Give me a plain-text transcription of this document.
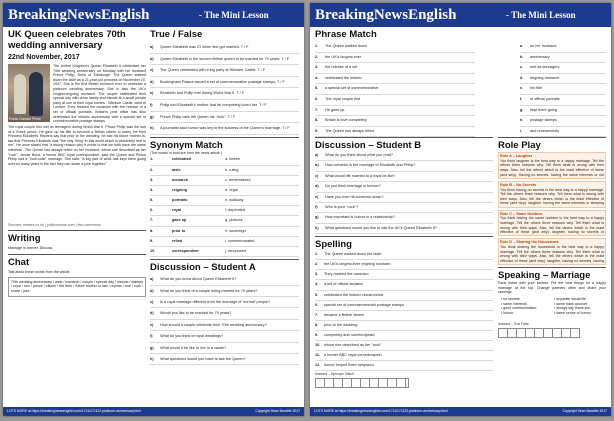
BreakingNewsEnglish	- The Mini Lesson
UK Queen celebrates 70th wedding anniversary
22nd November, 2017
Public Domain Photo
The United Kingdom's Queen Elizabeth II celebrated her 70th wedding anniversary on Monday with her husband Prince Philip, Duke of Edinburgh. The Queen walked down the aisle as a 21-year-old princess on November 20, 1947. She is the first British monarch ever to celebrate a platinum wedding anniversary. She is also the UK's longest-reigning monarch. The couple celebrated their special day with close family and friends at a small private party at one of their royal homes - Windsor Castle, west of London. They marked the occasion with the release of a set of official portraits. Britain's post office has also celebrated the historic anniversary with a special set of commemorative postage stamps.
The royal couple first met as teenagers during World War II. Prince Philip was the son of a Greek prince. He gave up his title to become a British citizen to marry the then Princess Elizabeth. Reports say that prior to the wedding, he told his future mother-in-law that Princess Elizabeth was "the only 'thing' in this world which is absolutely real to me". He once stated that "a strong reason why it works is that we both have the same interests". The Queen has always relied on her husband, whom she described as her "rock". Jennie Bond, a former BBC royal correspondent, said the Queen and Prince Philip had a "rock-solid" marriage. She said: "A big part of what has kept them going over so many years is the fact they can share a joke together."
Sources: reuters.co.uk | politicshome.com | bbc.com/news
Writing
Marriage is forever. Discuss.
Chat
Talk about these words from the article.
70th wedding anniversary / aisle / monarch / couple / special day / historic / stamps / royal / son / prince / citizen / the then / future mother-in-law / reports / real / rock / share / joke
True / False
a) Queen Elizabeth was 21 when she got married. T / F
b) Queen Elizabeth is the second British queen to be married for 70 years. T / F
c) The Queen celebrated with a big party at Windsor Castle. T / F
d) Buckingham Palace issued a set of commemorative postage stamps. T / F
e) Elizabeth and Philip met during World War II. T / F
f) Philip told Elizabeth's mother that he completely loved her. T / F
g) Prince Philip calls the Queen his "rock". T / F
h) A journalist said humor was key in the success of the Queen's marriage. T / F
Synonym Match
(The words in bold are from the news article.)
1.	celebrated	a. before
2.	aisle	b. ruling
3.	monarch	c. remembered
4.	reigning	d. regal
5.	portraits	e. walkway
6.	royal	f. depended
7.	gave up	g. pictures
8.	prior to	h. sovereign
9.	relied	i. commemorated
10.	correspondent	j. renounced
Discussion – Student A
a) What do you know about Queen Elizabeth II?
b) What do you think of a couple being married for 70 years?
c) Is a royal marriage different from the marriage of 'normal' people?
d) Would you like to be married for 70 years?
e) How should a couple celebrate their 70th wedding anniversary?
f) What do you think of royal weddings?
g) What would it be like to live in a castle?
h) What questions would you have to ask the Queen?
LOTS MORE at https://breakingnewsenglish.com/1711/171122-platinum-anniversary.html	Copyright Sean Banville 2017
BreakingNewsEnglish	- The Mini Lesson
Phrase Match
1. The Queen walked down
2. the UK's longest-ever
3. the release of a set
4. celebrated the historic
5. a special set of commemorative
6. The royal couple first
7. He gave up
8. Britain is love completely
9. The Queen has always relied
a. on her husband
b. anniversary
c. met as teenagers
d. reigning monarch
e. his title
f. of official portraits
g. kept them going
h. postage stamps
i. and unreservedly
Discussion – Student B
a) What do you think about what you read?
b) How romantic is the marriage of Elizabeth and Philip?
c) What would life married to a royal be like?
d) Do you think marriage is forever?
e) Have you ever hit someone down?
f) Who is your "rock"?
g) How important is humor in a relationship?
h) What questions would you like to ask the UK's Queen Elizabeth II?
Spelling
1. The Queen walked down the iasle
2. the UK's longest-ever reigning ncroham
3. They marked the caosnico
4. a set of official strpiatro
5. celebrated the historic nisramnvrea
6. special set of cmmraevoemotci postage stamps
7. became a British ztcieni
8. prior to the wedding
9. completely and nurveredyesld
10. whom she described as her "rock"
11. a former BBC royal cornedrospetn
12. humor helped them nespsscu
Answers – Synonym Match
Role Play
Role A – Laughter
You think laughter is the best way to a happy marriage. Tell the others three reasons why. Tell them what is wrong with their ways. Also, tell the others which is the least effective of these (and why). Having no secrets, having the same interests or not
Role B – No Secrets
You think having no secrets is the best way to a happy marriage. Tell the others three reasons why. Tell them what is wrong with their ways. Also, tell the others which is the least effective of these (and why): laughter, having the same interests or sleeping
Role C – Same Hobbies
You think having the same hobbies is the best way to a happy marriage. Tell the others three reasons why. Tell them what is wrong with their ways. Also, tell the others which is the least effective of these (and why): laughter, having no secrets or
Role D – Sharing the Housework
You think sharing the housework is the best way to a happy marriage. Tell the others three reasons why. Tell them what is wrong with their ways. Also, tell the others which is the least effective of these (and why): laughter, having no secrets, having
Speaking – Marriage
Rank these with your partner. Put the best things for a happy marriage at the top. Change partners often and share your rankings.
• no secrets
• same interests
• good communication
• humor
• separate social life
• same bank account
• always say thank you
• same sense of humor
Answers – True False
LOTS MORE at https://breakingnewsenglish.com/1711/171122-platinum-anniversary.html	Copyright Sean Banville 2017
